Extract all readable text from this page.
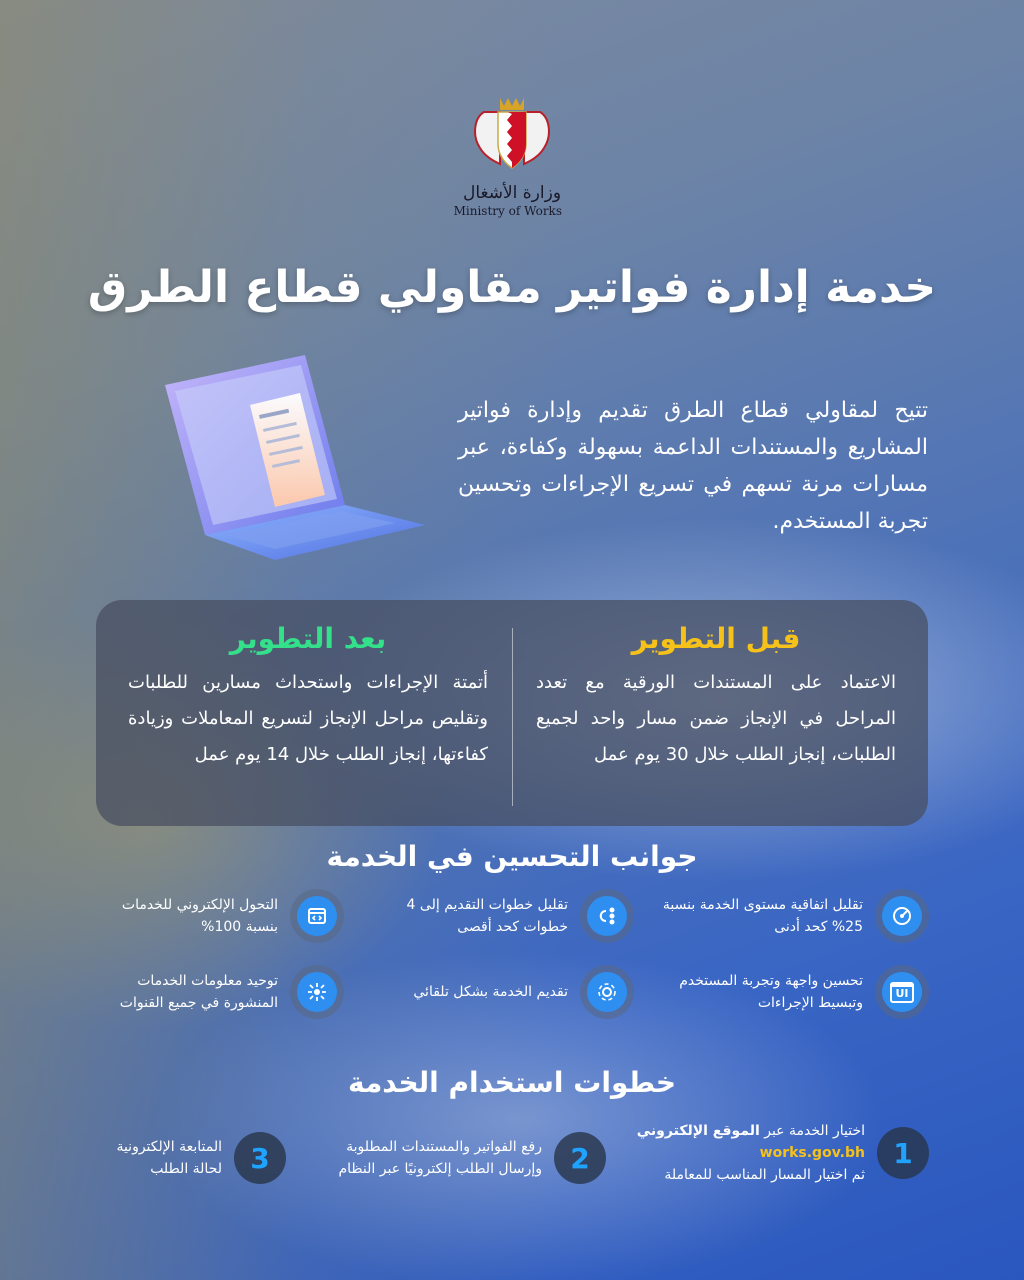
وزارة الأشغال
Ministry of Works
خدمة إدارة فواتير مقاولي قطاع الطرق

تتيح لمقاولي قطاع الطرق تقديم وإدارة فواتير المشاريع والمستندات الداعمة بسهولة وكفاءة، عبر مسارات مرنة تسهم في تسريع الإجراءات وتحسين تجربة المستخدم.

قبل التطوير

الاعتماد على المستندات الورقية مع تعدد المراحل في الإنجاز ضمن مسار واحد لجميع الطلبات، إنجاز الطلب خلال 30 يوم عمل

بعد التطوير

أتمتة الإجراءات واستحداث مسارين للطلبات وتقليص مراحل الإنجاز لتسريع المعاملات وزيادة كفاءتها، إنجاز الطلب خلال 14 يوم عمل

جوانب التحسين في الخدمة
تقليل اتفاقية مستوى الخدمة بنسبة 25% كحد أدنى
تقليل خطوات التقديم إلى 4 خطوات كحد أقصى
التحول الإلكتروني للخدمات بنسبة 100%
UI
تحسين واجهة وتجربة المستخدم وتبسيط الإجراءات
تقديم الخدمة بشكل تلقائي
توحيد معلومات الخدمات المنشورة في جميع القنوات
خطوات استخدام الخدمة
1
اختيار الخدمة عبر الموقع الإلكتروني
works.gov.bh
ثم اختيار المسار المناسب للمعاملة
2
رفع الفواتير والمستندات المطلوبة
وإرسال الطلب إلكترونيًا عبر النظام
3
المتابعة الإلكترونية
لحالة الطلب
